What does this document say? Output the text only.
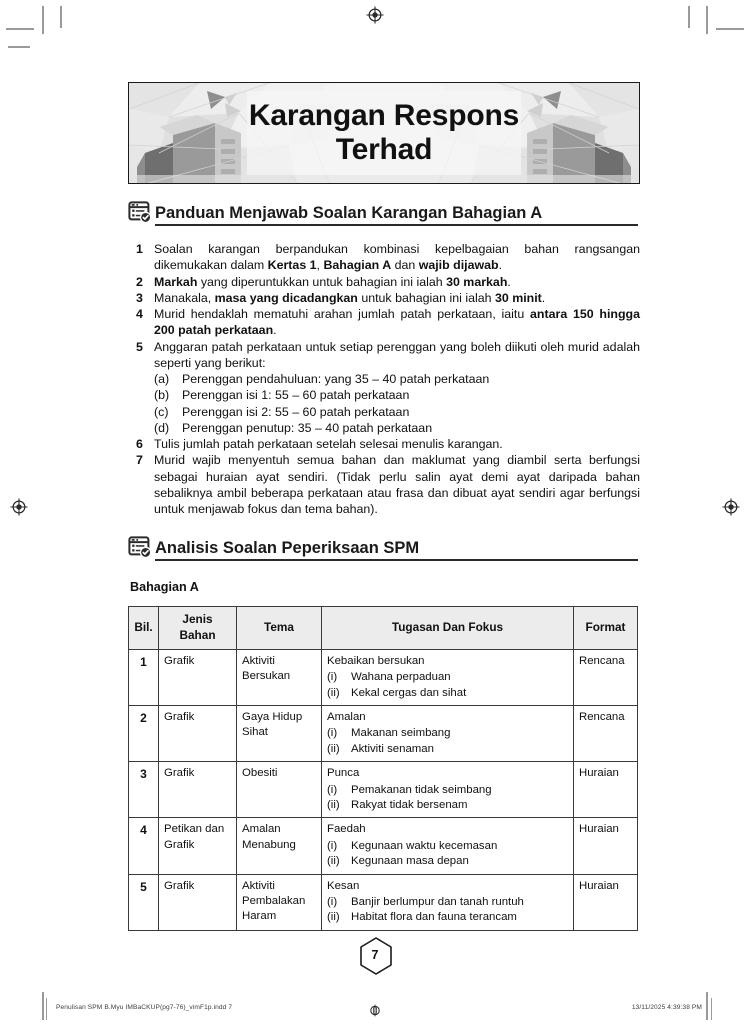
Karangan Respons
Terhad
Panduan Menjawab Soalan Karangan Bahagian A
1 Soalan karangan berpandukan kombinasi kepelbagaian bahan rangsangan dikemukakan dalam Kertas 1, Bahagian A dan wajib dijawab.
2 Markah yang diperuntukkan untuk bahagian ini ialah 30 markah.
3 Manakala, masa yang dicadangkan untuk bahagian ini ialah 30 minit.
4 Murid hendaklah mematuhi arahan jumlah patah perkataan, iaitu antara 150 hingga 200 patah perkataan.
5 Anggaran patah perkataan untuk setiap perenggan yang boleh diikuti oleh murid adalah seperti yang berikut:
(a)	Perenggan pendahuluan: yang 35 – 40 patah perkataan
(b)	Perenggan isi 1: 55 – 60 patah perkataan
(c)	Perenggan isi 2: 55 – 60 patah perkataan
(d)	Perenggan penutup: 35 – 40 patah perkataan
6 Tulis jumlah patah perkataan setelah selesai menulis karangan.
7 Murid wajib menyentuh semua bahan dan maklumat yang diambil serta berfungsi sebagai huraian ayat sendiri. (Tidak perlu salin ayat demi ayat daripada bahan sebaliknya ambil beberapa perkataan atau frasa dan dibuat ayat sendiri agar berfungsi untuk menjawab fokus dan tema bahan).
Analisis Soalan Peperiksaan SPM
Bahagian A
Bil.	Jenis Bahan	Tema	Tugasan Dan Fokus	Format
1	Grafik	Aktiviti Bersukan	Kebaikan bersukan
(i) Wahana perpaduan
(ii) Kekal cergas dan sihat	Rencana
2	Grafik	Gaya Hidup Sihat	Amalan
(i) Makanan seimbang
(ii) Aktiviti senaman	Rencana
3	Grafik	Obesiti	Punca
(i) Pemakanan tidak seimbang
(ii) Rakyat tidak bersenam	Huraian
4	Petikan dan Grafik	Amalan Menabung	Faedah
(i) Kegunaan waktu kecemasan
(ii) Kegunaan masa depan	Huraian
5	Grafik	Aktiviti Pembalakan Haram	Kesan
(i) Banjir berlumpur dan tanah runtuh
(ii) Habitat flora dan fauna terancam	Huraian
7
Penulisan SPM B.Myu IMBaCKUP(pg7-76)_vimF1p.indd 7	13/11/2025 4:39:38 PM
